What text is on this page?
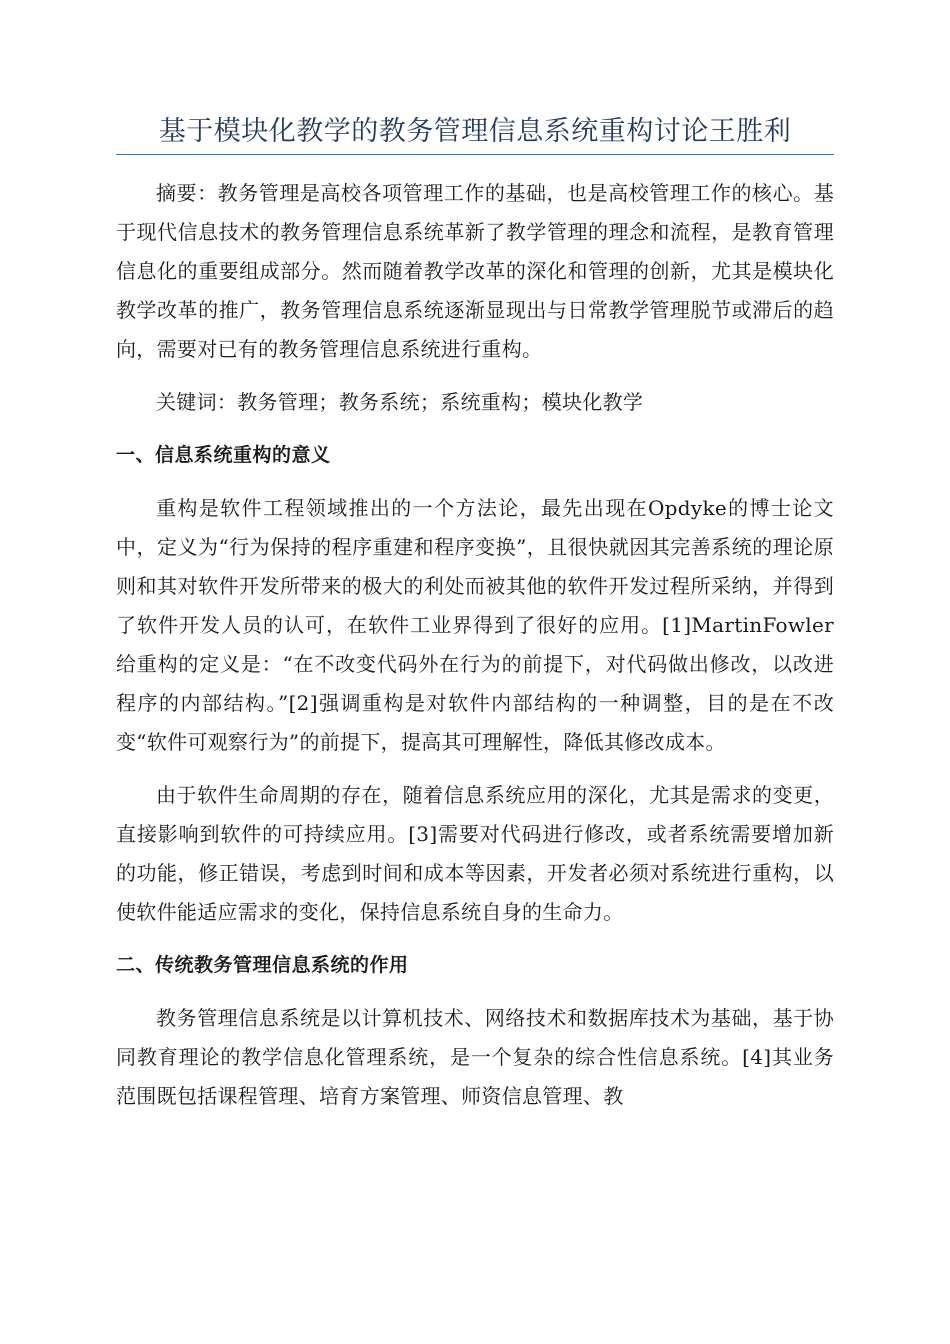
基于模块化教学的教务管理信息系统重构讨论王胜利

摘要：教务管理是高校各项管理工作的基础，也是高校管理工作的核心。基于现代信息技术的教务管理信息系统革新了教学管理的理念和流程，是教育管理信息化的重要组成部分。然而随着教学改革的深化和管理的创新，尤其是模块化教学改革的推广，教务管理信息系统逐渐显现出与日常教学管理脱节或滞后的趋向，需要对已有的教务管理信息系统进行重构。

关键词：教务管理；教务系统；系统重构；模块化教学

一、信息系统重构的意义

重构是软件工程领域推出的一个方法论，最先出现在Opdyke的博士论文中，定义为“行为保持的程序重建和程序变换”，且很快就因其完善系统的理论原则和其对软件开发所带来的极大的利处而被其他的软件开发过程所采纳，并得到了软件开发人员的认可，在软件工业界得到了很好的应用。[1]MartinFowler给重构的定义是：“在不改变代码外在行为的前提下，对代码做出修改，以改进程序的内部结构。”[2]强调重构是对软件内部结构的一种调整，目的是在不改变“软件可观察行为”的前提下，提高其可理解性，降低其修改成本。

由于软件生命周期的存在，随着信息系统应用的深化，尤其是需求的变更，直接影响到软件的可持续应用。[3]需要对代码进行修改，或者系统需要增加新的功能，修正错误，考虑到时间和成本等因素，开发者必须对系统进行重构，以使软件能适应需求的变化，保持信息系统自身的生命力。

二、传统教务管理信息系统的作用

教务管理信息系统是以计算机技术、网络技术和数据库技术为基础，基于协同教育理论的教学信息化管理系统，是一个复杂的综合性信息系统。[4]其业务范围既包括课程管理、培育方案管理、师资信息管理、教
